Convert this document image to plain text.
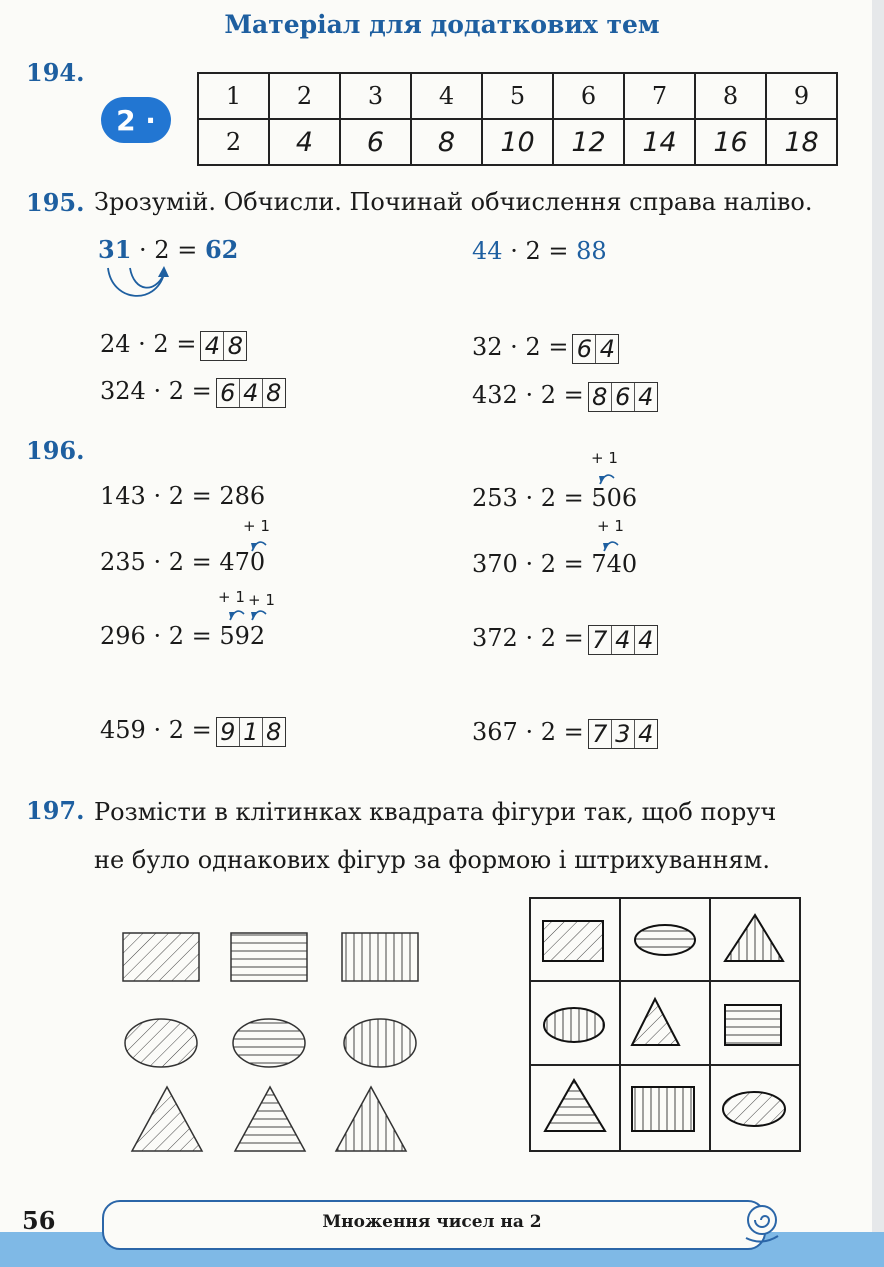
Матеріал для додаткових тем
194.
2 ·
1	2	3	4	5	6	7	8	9
2	4	6	8	10	12	14	16	18
195. Зрозумій. Обчисли. Починай обчислення справа наліво.
31 · 2 = 62	44 · 2 = 88
24 · 2 = 4 8	32 · 2 = 6 4
324 · 2 = 6 4 8	432 · 2 = 8 6 4
196.
143 · 2 = 286
+ 1
253 · 2 = 506
+ 1
235 · 2 = 470
+ 1
370 · 2 = 740
+ 1 + 1
296 · 2 = 592	372 · 2 = 7 4 4
459 · 2 = 9 1 8	367 · 2 = 7 3 4
197. Розмісти в клітинках квадрата фігури так, щоб поруч
не було однакових фігур за формою і штрихуванням.
Множення чисел на 2
56
